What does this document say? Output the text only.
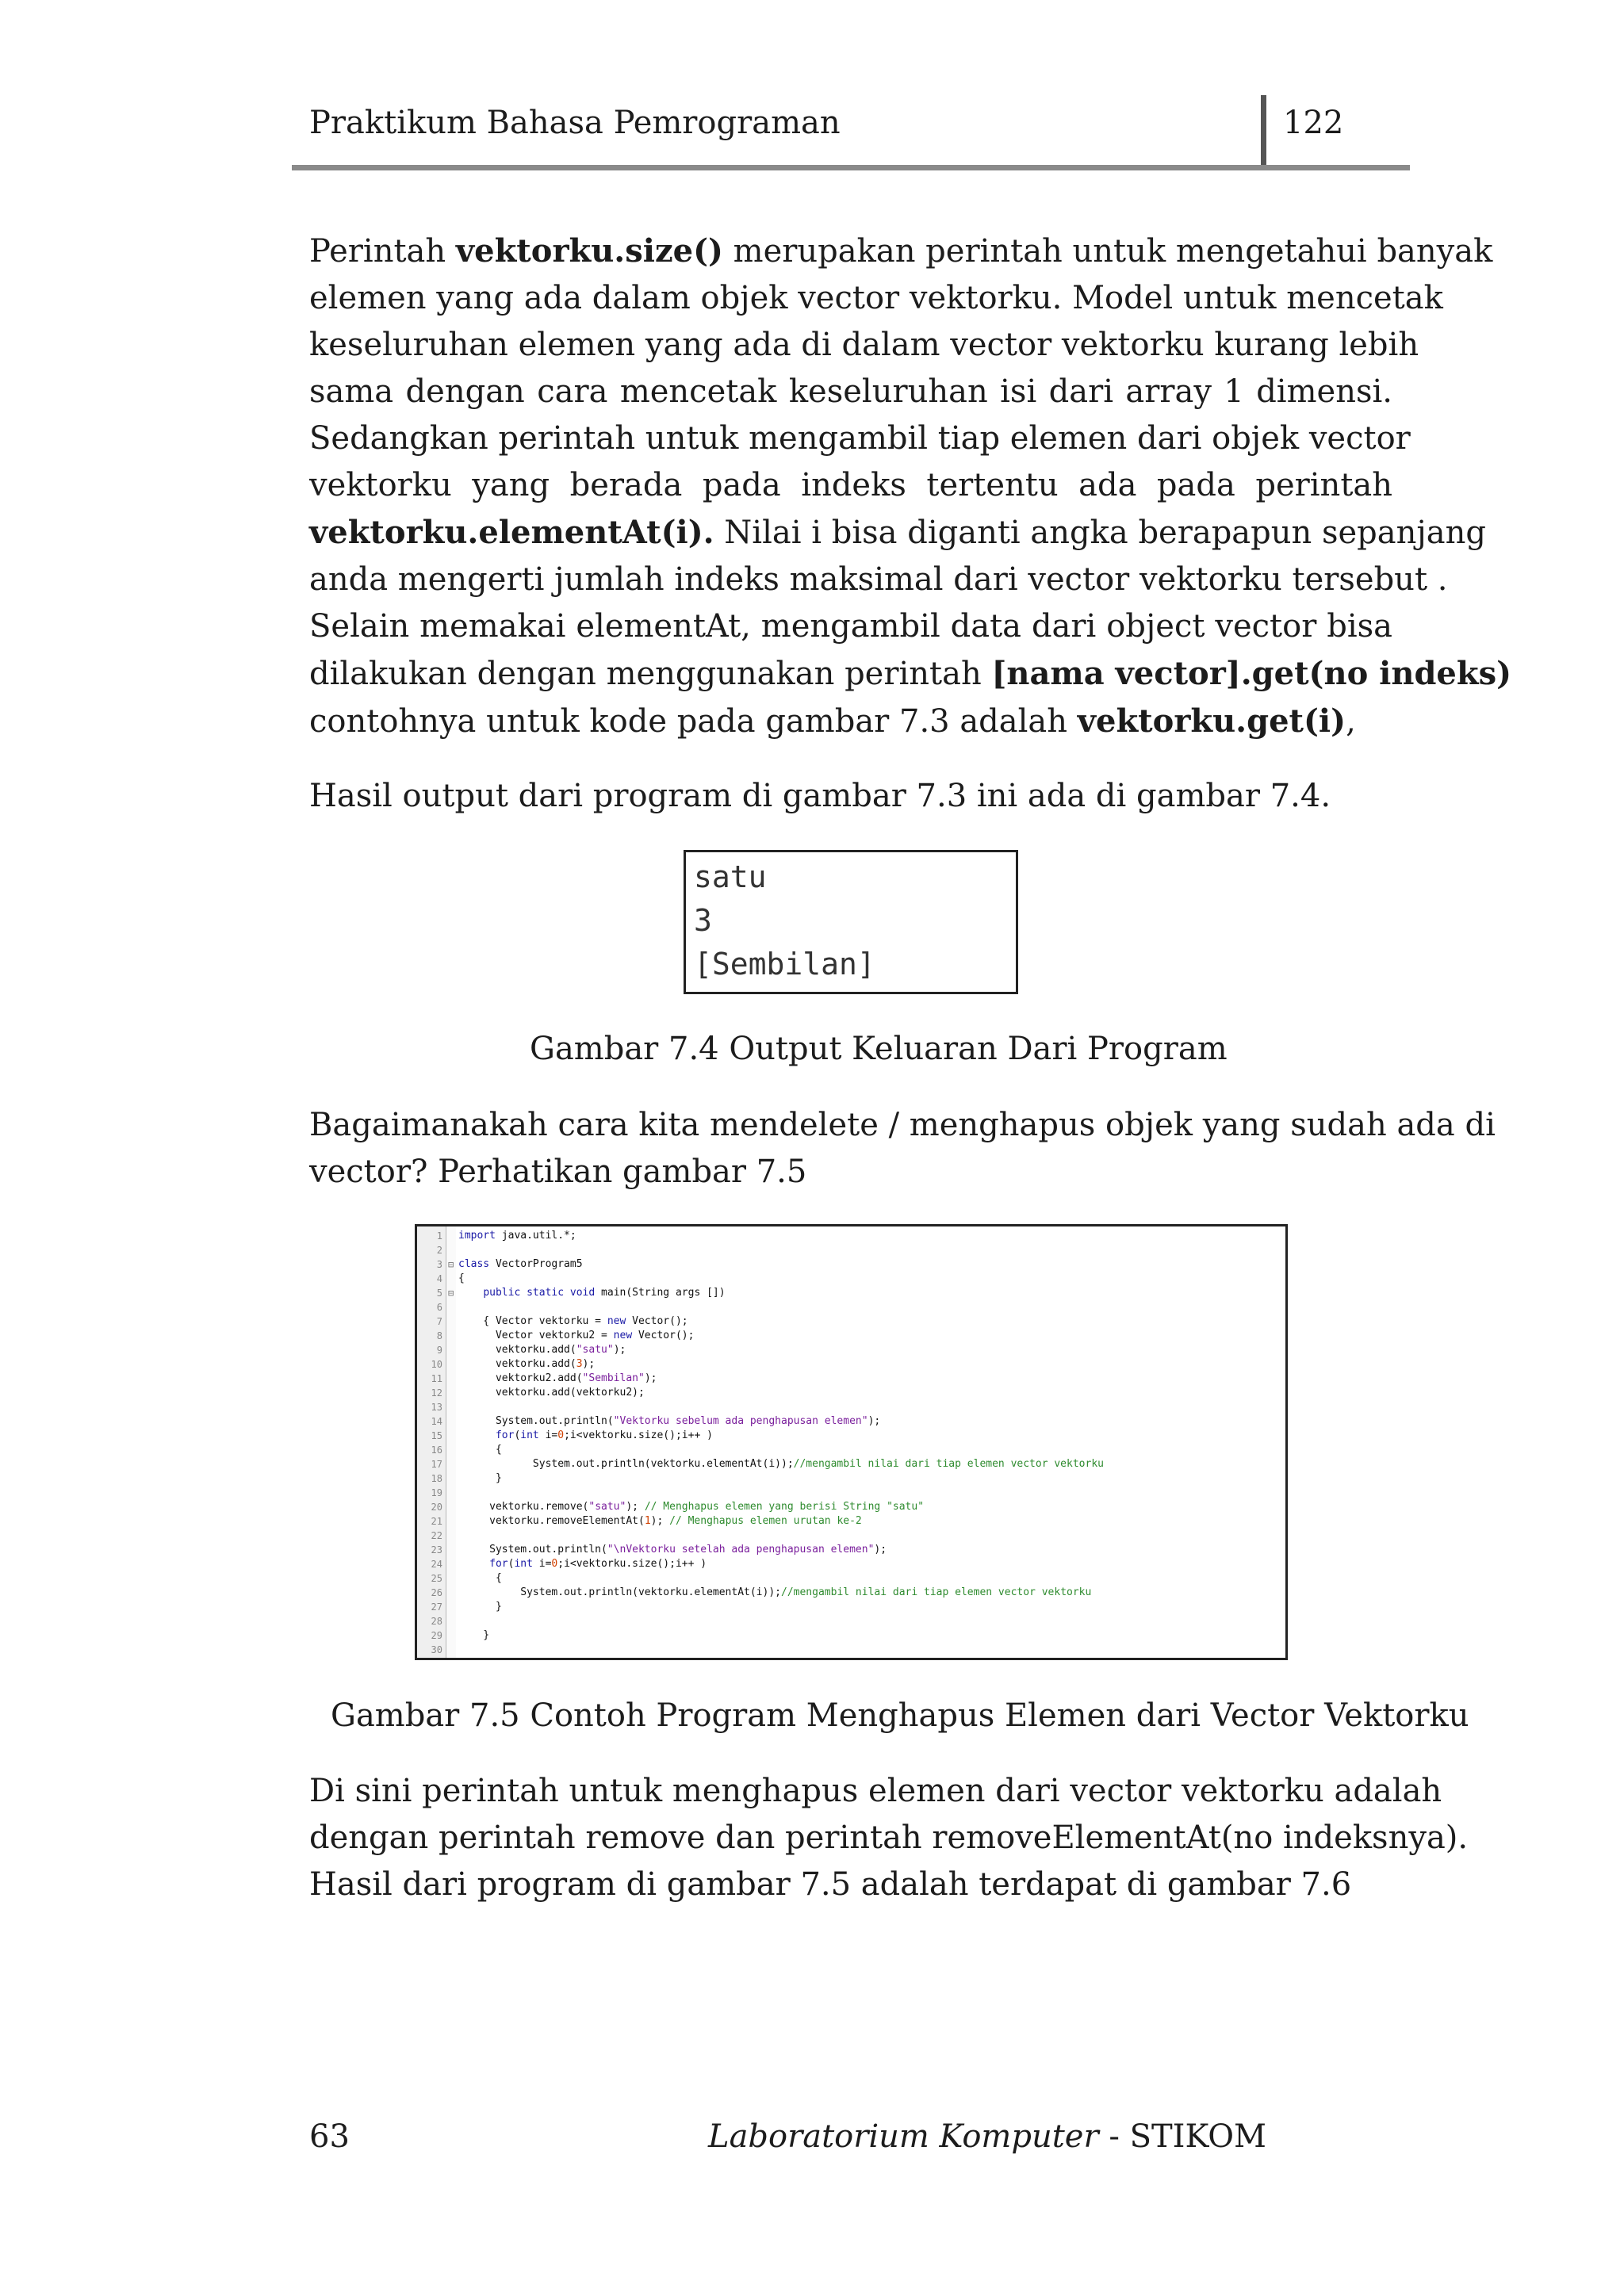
Praktikum Bahasa Pemrograman	122
Perintah vektorku.size() merupakan perintah untuk mengetahui banyak
elemen yang ada dalam objek vector vektorku. Model untuk mencetak
keseluruhan elemen yang ada di dalam vector vektorku kurang lebih
sama dengan cara mencetak keseluruhan isi dari array 1 dimensi.
Sedangkan perintah untuk mengambil tiap elemen dari objek vector
vektorku yang berada pada indeks tertentu ada pada perintah
vektorku.elementAt(i). Nilai i bisa diganti angka berapapun sepanjang
anda mengerti jumlah indeks maksimal dari vector vektorku tersebut .
Selain memakai elementAt, mengambil data dari object vector bisa
dilakukan dengan menggunakan perintah [nama vector].get(no indeks)
contohnya untuk kode pada gambar 7.3 adalah vektorku.get(i),
Hasil output dari program di gambar 7.3 ini ada di gambar 7.4.
satu
3
[Sembilan]
Gambar 7.4 Output Keluaran Dari Program
Bagaimanakah cara kita mendelete / menghapus objek yang sudah ada di
vector? Perhatikan gambar 7.5
1 import java.util.*;
2
3 ⊟ class VectorProgram5
4 {
5 ⊟	public static void main(String args [])
6
7 { Vector vektorku = new Vector();
8 Vector vektorku2 = new Vector();
9 vektorku.add("satu");
10 vektorku.add(3);
11 vektorku2.add("Sembilan");
12 vektorku.add(vektorku2);
13
14 System.out.println("Vektorku sebelum ada penghapusan elemen");
15	for(int i=0;i<vektorku.size();i++ )
16 {
17 System.out.println(vektorku.elementAt(i));//mengambil nilai dari tiap elemen vector vektorku
18 }
19
20 vektorku.remove("satu"); // Menghapus elemen yang berisi String "satu"
21 vektorku.removeElementAt(1); // Menghapus elemen urutan ke-2
22
23 System.out.println("\nVektorku setelah ada penghapusan elemen");
24	for(int i=0;i<vektorku.size();i++ )
25 {
26 System.out.println(vektorku.elementAt(i));//mengambil nilai dari tiap elemen vector vektorku
27 }
28
29 }
30
Gambar 7.5 Contoh Program Menghapus Elemen dari Vector Vektorku
Di sini perintah untuk menghapus elemen dari vector vektorku adalah
dengan perintah remove dan perintah removeElementAt(no indeksnya).
Hasil dari program di gambar 7.5 adalah terdapat di gambar 7.6
63	Laboratorium Komputer - STIKOM
